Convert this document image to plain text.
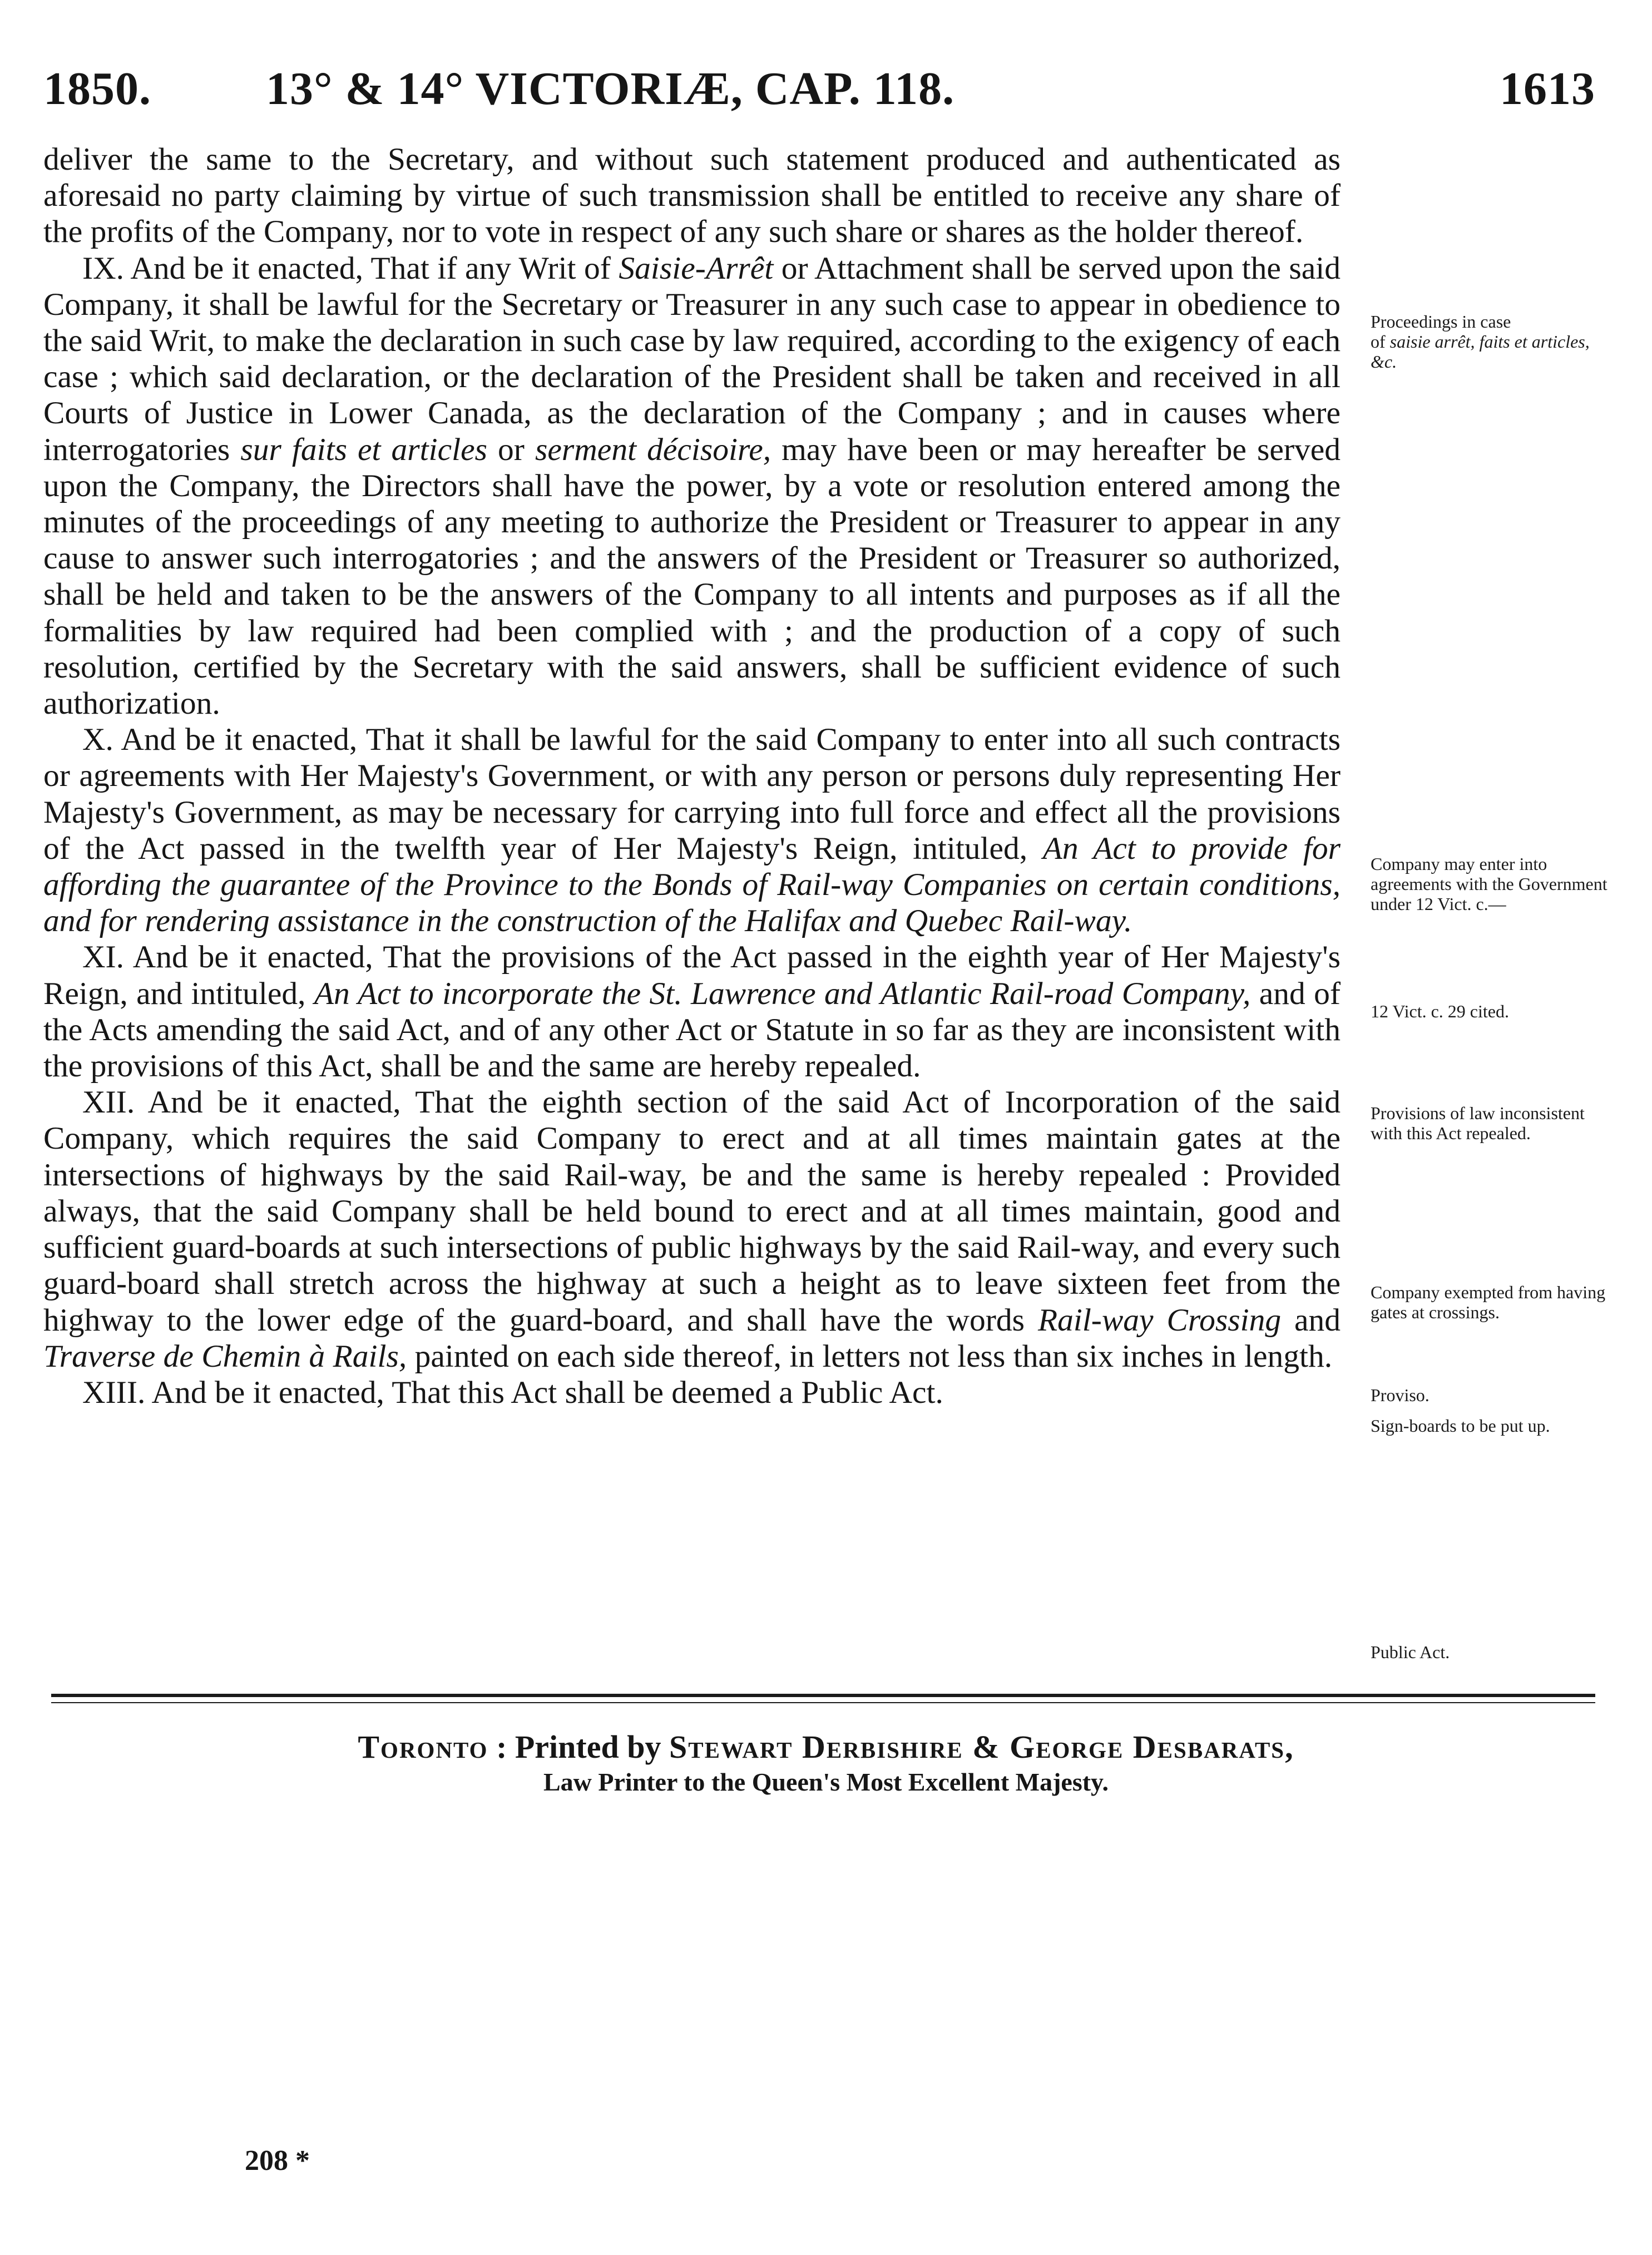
1850. 13° & 14° VICTORIÆ, CAP. 118.	1613

deliver the same to the Secretary, and without such statement produced and authenticated as aforesaid no party claiming by virtue of such transmission shall be entitled to receive any share of the profits of the Company, nor to vote in respect of any such share or shares as the holder thereof.

IX. And be it enacted, That if any Writ of Saisie-Arrêt or Attachment shall be served upon the said Company, it shall be lawful for the Secretary or Treasurer in any such case to appear in obedience to the said Writ, to make the declaration in such case by law required, according to the exigency of each case ; which said declaration, or the declaration of the President shall be taken and received in all Courts of Justice in Lower Canada, as the declaration of the Company ; and in causes where interrogatories sur faits et articles or serment décisoire, may have been or may hereafter be served upon the Company, the Directors shall have the power, by a vote or resolution entered among the minutes of the proceedings of any meeting to authorize the President or Treasurer to appear in any cause to answer such interrogatories ; and the answers of the President or Treasurer so authorized, shall be held and taken to be the answers of the Company to all intents and purposes as if all the formalities by law required had been complied with ; and the production of a copy of such resolution, certified by the Secretary with the said answers, shall be sufficient evidence of such authorization.

X. And be it enacted, That it shall be lawful for the said Company to enter into all such contracts or agreements with Her Majesty's Government, or with any person or persons duly representing Her Majesty's Government, as may be necessary for carrying into full force and effect all the provisions of the Act passed in the twelfth year of Her Majesty's Reign, intituled, An Act to provide for affording the guarantee of the Province to the Bonds of Rail-way Companies on certain conditions, and for rendering assistance in the construction of the Halifax and Quebec Rail-way.

XI. And be it enacted, That the provisions of the Act passed in the eighth year of Her Majesty's Reign, and intituled, An Act to incorporate the St. Lawrence and Atlantic Rail-road Company, and of the Acts amending the said Act, and of any other Act or Statute in so far as they are inconsistent with the provisions of this Act, shall be and the same are hereby repealed.

XII. And be it enacted, That the eighth section of the said Act of Incorporation of the said Company, which requires the said Company to erect and at all times maintain gates at the intersections of highways by the said Rail-way, be and the same is hereby repealed : Provided always, that the said Company shall be held bound to erect and at all times maintain, good and sufficient guard-boards at such intersections of public highways by the said Rail-way, and every such guard-board shall stretch across the highway at such a height as to leave sixteen feet from the highway to the lower edge of the guard-board, and shall have the words Rail-way Crossing and Traverse de Chemin à Rails, painted on each side thereof, in letters not less than six inches in length.

XIII. And be it enacted, That this Act shall be deemed a Public Act.

Proceedings in case
of saisie arrêt, faits et articles, &c.
Company may enter into agreements with the Government under 12 Vict. c.—
12 Vict. c. 29 cited.
Provisions of law inconsistent with this Act repealed.
Company exempted from having gates at crossings.
Proviso.
Sign-boards to be put up.
Public Act.
Toronto : Printed by Stewart Derbishire & George Desbarats,
Law Printer to the Queen's Most Excellent Majesty.
208 *
